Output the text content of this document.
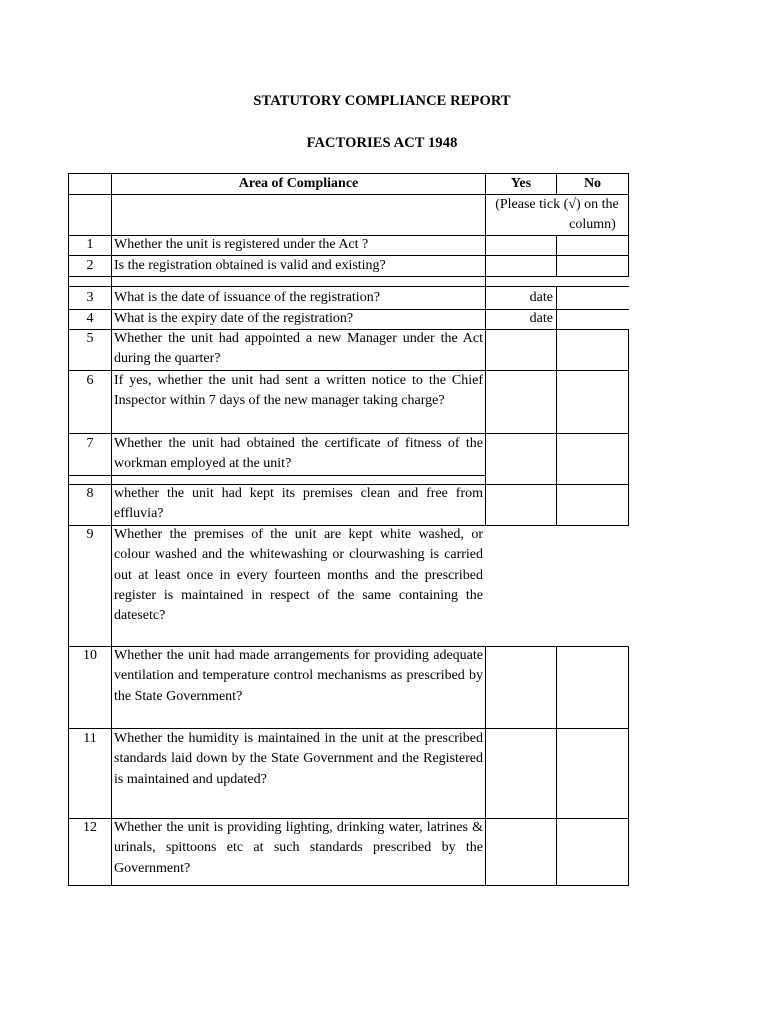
STATUTORY COMPLIANCE REPORT
FACTORIES ACT 1948
Area of Compliance	Yes	No
(Please tick (√) on the
column)
1	Whether the unit is registered under the Act ?
2	Is the registration obtained is valid and existing?
3	What is the date of issuance of the registration?	date
4	What is the expiry date of the registration?	date
5	Whether the unit had appointed a new Manager under the Act during the quarter?
6	If yes, whether the unit had sent a written notice to the Chief Inspector within 7 days of the new manager taking charge?
7	Whether the unit had obtained the certificate of fitness of the workman employed at the unit?
8	whether the unit had kept its premises clean and free from effluvia?
9	Whether the premises of the unit are kept white washed, or colour washed and the whitewashing or clourwashing is carried out at least once in every fourteen months and the prescribed register is maintained in respect of the same containing the datesetc?
10	Whether the unit had made arrangements for providing adequate ventilation and temperature control mechanisms as prescribed by the State Government?
11	Whether the humidity is maintained in the unit at the prescribed standards laid down by the State Government and the Registered is maintained and updated?
12	Whether the unit is providing lighting, drinking water, latrines & urinals, spittoons etc at such standards prescribed by the Government?
